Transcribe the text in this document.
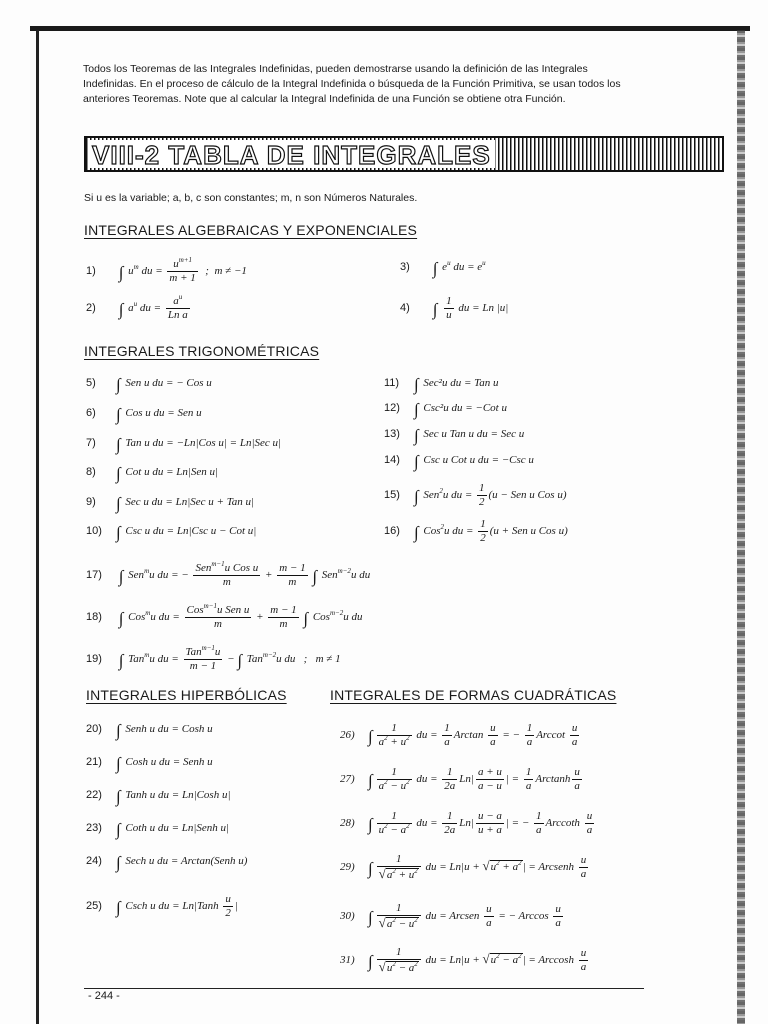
Todos los Teoremas de las Integrales Indefinidas, pueden demostrarse usando la definición de las Integrales Indefinidas. En el proceso de cálculo de la Integral Indefinida o búsqueda de la Función Primitiva, se usan todos los anteriores Teoremas. Note que al calcular la Integral Indefinida de una Función se obtiene otra Función.
VIII-2 TABLA DE INTEGRALES
Si u es la variable; a, b, c son constantes; m, n son Números Naturales.
INTEGRALES ALGEBRAICAS Y EXPONENCIALES
1) ∫ $u^m$ du = $\frac{u^{m+1}}{m + 1}$ ;  m ≠ −1
2) ∫ $a^u$ du = $\frac{a^u}{\text{Ln a}}$
3) ∫ $e^u$ du = $e^u$
4) ∫ $\frac{1}{u}$ du = Ln |u|
INTEGRALES TRIGONOMÉTRICAS
5) ∫ Sen u du = − Cos u
6) ∫ Cos u du = Sen u
7) ∫ Tan u du = −Ln|Cos u| = Ln|Sec u|
8) ∫ Cot u du = Ln|Sen u|
9) ∫ Sec u du = Ln|Sec u + Tan u|
10) ∫ Csc u du = Ln|Csc u − Cot u|
11) ∫ Sec²u du = Tan u
12) ∫ Csc²u du = −Cot u
13) ∫ Sec u Tan u du = Sec u
14) ∫ Csc u Cot u du = −Csc u
15) ∫ Sen$^2$u du = $\frac{1}{2} (u$ − Sen u Cos u)
16) ∫ Cos$^2$u du = $\frac{1}{2} (u$ + Sen u Cos u)
17) ∫ Sen$^m$u du = −
Sen$^{m-1}$u Cos u
m
+ $\frac{m - 1}{m}$ ∫ Sen$^{m-2}$u du
18) ∫ Cos$^m$u du =
Cos$^{m-1}$u Sen u
m
+ $\frac{m - 1}{m}$ ∫ Cos$^{m-2}$u du
19) ∫ Tan$^m$u du =
Tan$^{m-1}$u
m − 1
− ∫ Tan$^{m-2}$u du   ;   m ≠ 1
INTEGRALES HIPERBÓLICAS
20) ∫ Senh u du = Cosh u
21) ∫ Cosh u du = Senh u
22) ∫ Tanh u du = Ln|Cosh u|
23) ∫ Coth u du = Ln|Senh u|
24) ∫ Sech u du = Arctan(Senh u)
25) ∫ Csch u du = Ln|Tanh $\frac{u}{2}$ |
INTEGRALES DE FORMAS CUADRÁTICAS
26) ∫ $\frac{1}{a^2 + u^2}$ du = $\frac{1}{a}$ Arctan $\frac{u}{a}$ = − $\frac{1}{a}$ Arccot $\frac{u}{a}$
27) ∫ $\frac{1}{a^2 - u^2}$ du = $\frac{1}{2a} Ln| \frac{a + u}{a - u}$ | = $\frac{1}{a}$ Arctanh $\frac{u}{a}$
28) ∫ $\frac{1}{u^2 - a^2}$ du = $\frac{1}{2a} Ln| \frac{u - a}{u + a}$ | = − $\frac{1}{a}$ Arccoth $\frac{u}{a}$
29) ∫ $\frac{1}{√a^2 + u^2}$ du = $Ln|u + √u^2 + a^2|$ = Arcsenh $\frac{u}{a}$
30) ∫ $\frac{1}{√a^2 - u^2}$ du = Arcsen $\frac{u}{a}$ = − Arccos $\frac{u}{a}$
31) ∫ $\frac{1}{√u^2 - a^2}$ du = $Ln|u + √u^2 - a^2| = Arccosh \frac{u}{a}$
- 244 -
